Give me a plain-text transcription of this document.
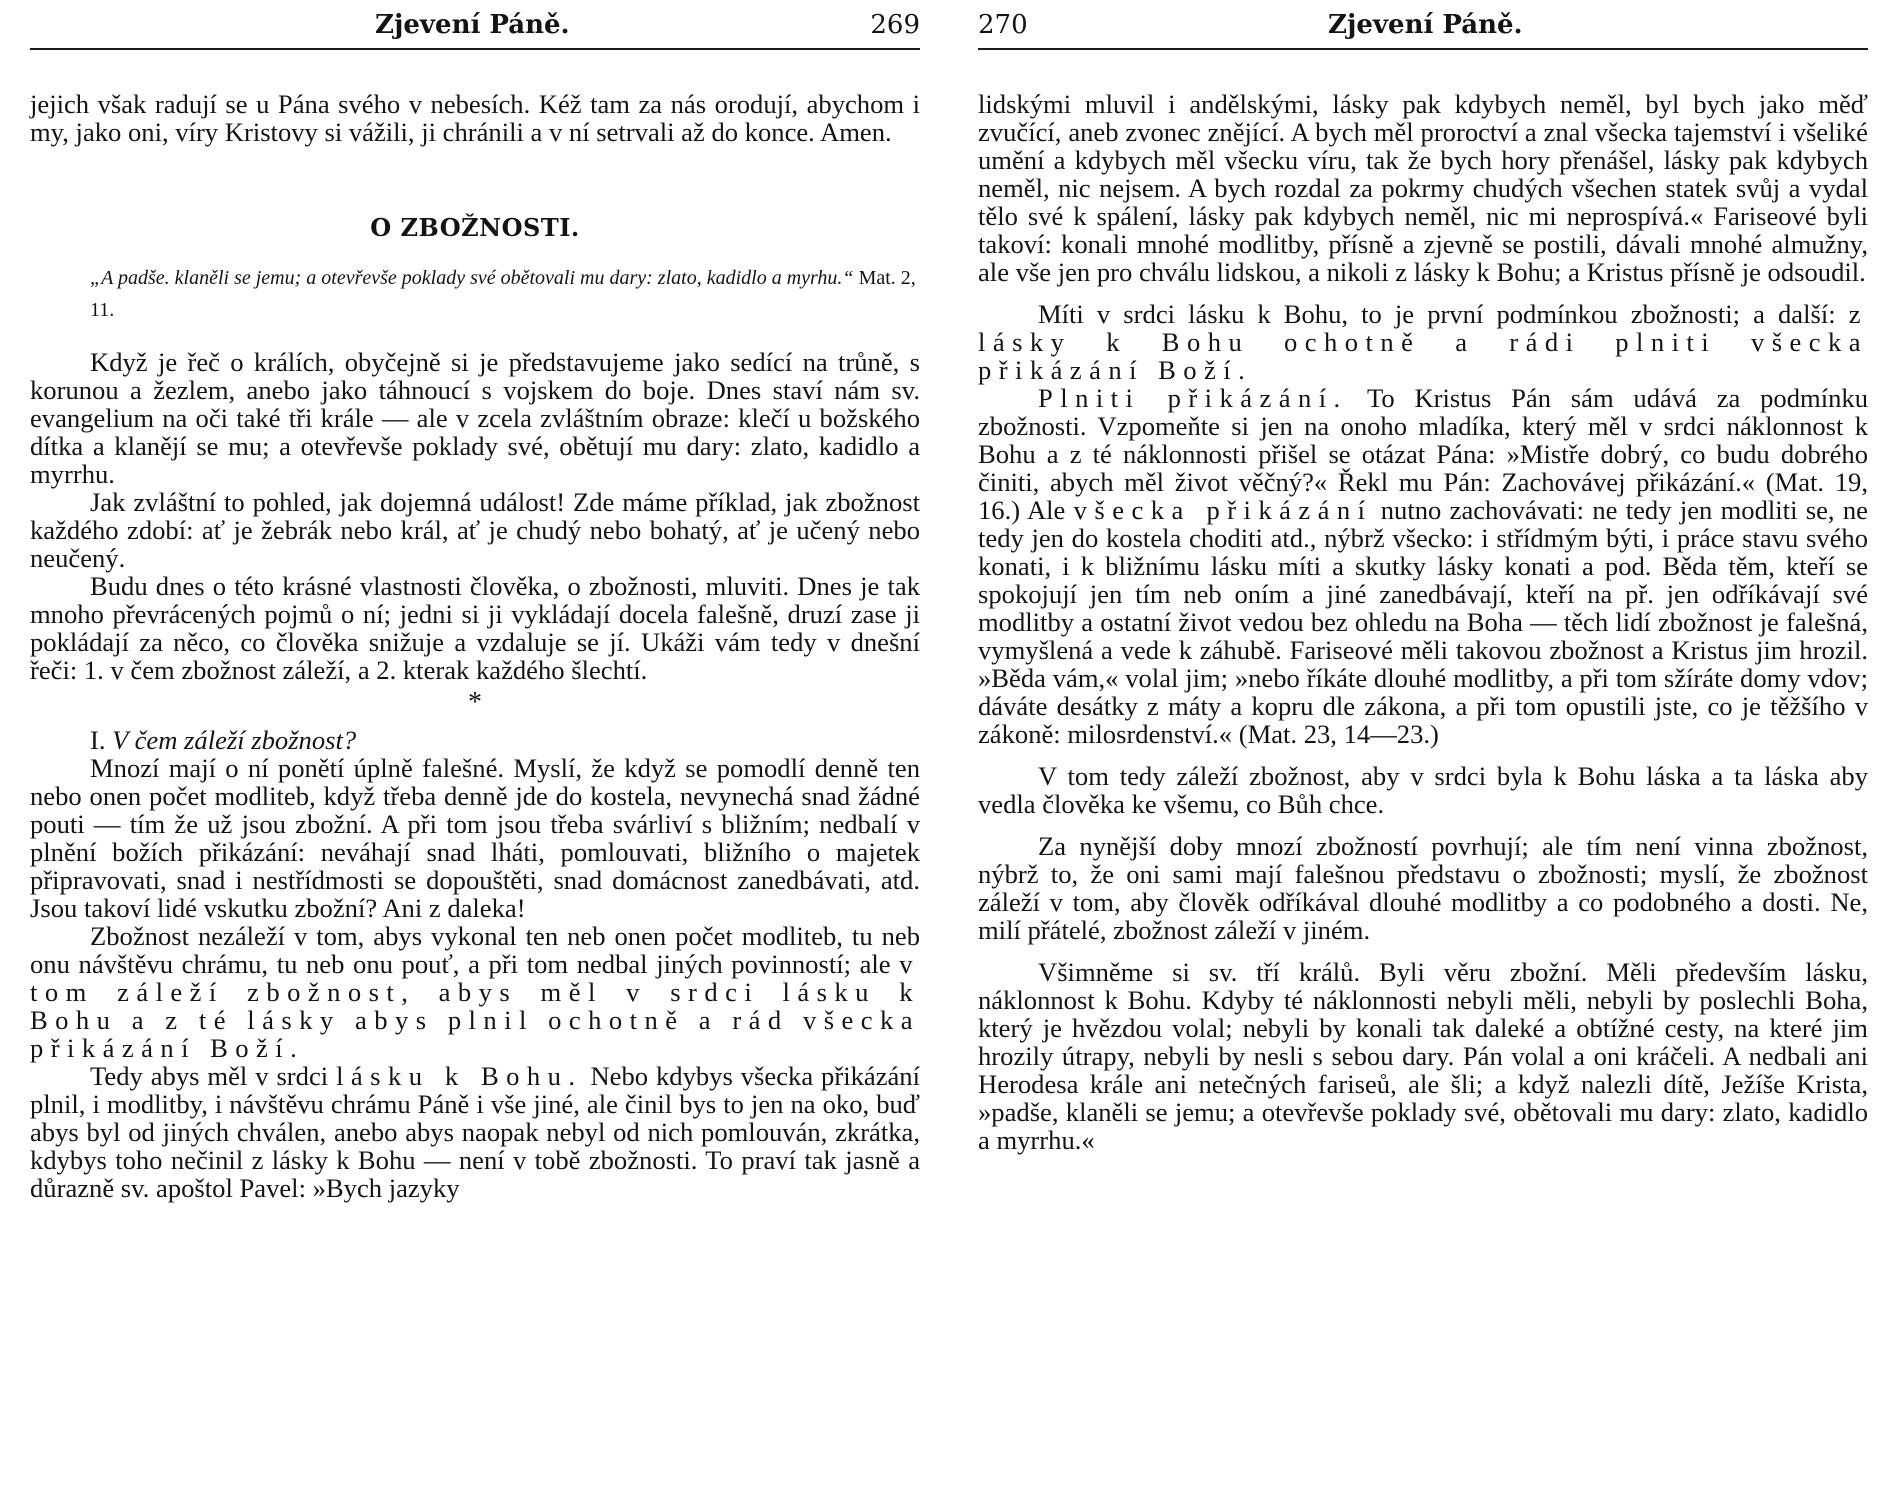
Zjevení Páně.	269

jejich však radují se u Pána svého v nebesích. Kéž tam za nás orodují, abychom i my, jako oni, víry Kristovy si vážili, ji chránili a v ní setrvali až do konce. Amen.

O ZBOŽNOSTI.
„A padše. klaněli se jemu; a otevřevše poklady své obětovali mu dary: zlato, kadidlo a myrhu.“ Mat. 2, 11.

Když je řeč o králích, obyčejně si je představujeme jako sedící na trůně, s korunou a žezlem, anebo jako táhnoucí s vojskem do boje. Dnes staví nám sv. evangelium na oči také tři krále — ale v zcela zvláštním obraze: klečí u božského dítka a klanějí se mu; a otevřevše poklady své, obětují mu dary: zlato, kadidlo a myrrhu.

Jak zvláštní to pohled, jak dojemná událost! Zde máme příklad, jak zbožnost každého zdobí: ať je žebrák nebo král, ať je chudý nebo bohatý, ať je učený nebo neučený.

Budu dnes o této krásné vlastnosti člověka, o zbožnosti, mluviti. Dnes je tak mnoho převrácených pojmů o ní; jedni si ji vykládají docela falešně, druzí zase ji pokládají za něco, co člověka snižuje a vzdaluje se jí. Ukáži vám tedy v dnešní řeči: 1. v čem zbožnost záleží, a 2. kterak každého šlechtí.

*

I. V čem záleží zbožnost?

Mnozí mají o ní ponětí úplně falešné. Myslí, že když se pomodlí denně ten nebo onen počet modliteb, když třeba denně jde do kostela, nevynechá snad žádné pouti — tím že už jsou zbožní. A při tom jsou třeba svárliví s bližním; nedbalí v plnění božích přikázání: neváhají snad lháti, pomlouvati, bližního o majetek připravovati, snad i nestřídmosti se dopouštěti, snad domácnost zanedbávati, atd. Jsou takoví lidé vskutku zbožní? Ani z daleka!

Zbožnost nezáleží v tom, abys vykonal ten neb onen počet modliteb, tu neb onu návštěvu chrámu, tu neb onu pouť, a při tom nedbal jiných povinností; ale v tom záleží zbožnost, abys měl v srdci lásku k Bohu a z té lásky abys plnil ochotně a rád všecka přikázání Boží.

Tedy abys měl v srdci lásku k Bohu. Nebo kdybys všecka přikázání plnil, i modlitby, i návštěvu chrámu Páně i vše jiné, ale činil bys to jen na oko, buď abys byl od jiných chválen, anebo abys naopak nebyl od nich pomlouván, zkrátka, kdybys toho nečinil z lásky k Bohu — není v tobě zbožnosti. To praví tak jasně a důrazně sv. apoštol Pavel: »Bych jazyky

270	Zjevení Páně.

lidskými mluvil i andělskými, lásky pak kdybych neměl, byl bych jako měď zvučící, aneb zvonec znějící. A bych měl proroctví a znal všecka tajemství i všeliké umění a kdybych měl všecku víru, tak že bych hory přenášel, lásky pak kdybych neměl, nic nejsem. A bych rozdal za pokrmy chudých všechen statek svůj a vydal tělo své k spálení, lásky pak kdybych neměl, nic mi neprospívá.« Fariseové byli takoví: konali mnohé modlitby, přísně a zjevně se postili, dávali mnohé almužny, ale vše jen pro chválu lidskou, a nikoli z lásky k Bohu; a Kristus přísně je odsoudil.

Míti v srdci lásku k Bohu, to je první podmínkou zbožnosti; a další: z lásky k Bohu ochotně a rádi plniti všecka přikázání Boží.

Plniti přikázání. To Kristus Pán sám udává za podmínku zbožnosti. Vzpomeňte si jen na onoho mladíka, který měl v srdci náklonnost k Bohu a z té náklonnosti přišel se otázat Pána: »Mistře dobrý, co budu dobrého činiti, abych měl život věčný?« Řekl mu Pán: Zachovávej přikázání.« (Mat. 19, 16.) Ale všecka přikázání nutno zachovávati: ne tedy jen modliti se, ne tedy jen do kostela choditi atd., nýbrž všecko: i střídmým býti, i práce stavu svého konati, i k bližnímu lásku míti a skutky lásky konati a pod. Běda těm, kteří se spokojují jen tím neb oním a jiné zanedbávají, kteří na př. jen odříkávají své modlitby a ostatní život vedou bez ohledu na Boha — těch lidí zbožnost je falešná, vymyšlená a vede k záhubě. Fariseové měli takovou zbožnost a Kristus jim hrozil. »Běda vám,« volal jim; »nebo říkáte dlouhé modlitby, a při tom sžíráte domy vdov; dáváte desátky z máty a kopru dle zákona, a při tom opustili jste, co je těžšího v zákoně: milosrdenství.« (Mat. 23, 14—23.)

V tom tedy záleží zbožnost, aby v srdci byla k Bohu láska a ta láska aby vedla člověka ke všemu, co Bůh chce.

Za nynější doby mnozí zbožností povrhují; ale tím není vinna zbožnost, nýbrž to, že oni sami mají falešnou představu o zbožnosti; myslí, že zbožnost záleží v tom, aby člověk odříkával dlouhé modlitby a co podobného a dosti. Ne, milí přátelé, zbožnost záleží v jiném.

Všimněme si sv. tří králů. Byli věru zbožní. Měli především lásku, náklonnost k Bohu. Kdyby té náklonnosti nebyli měli, nebyli by poslechli Boha, který je hvězdou volal; nebyli by konali tak daleké a obtížné cesty, na které jim hrozily útrapy, nebyli by nesli s sebou dary. Pán volal a oni kráčeli. A nedbali ani Herodesa krále ani netečných fariseů, ale šli; a když nalezli dítě, Ježíše Krista, »padše, klaněli se jemu; a otevřevše poklady své, obětovali mu dary: zlato, kadidlo a myrrhu.«
